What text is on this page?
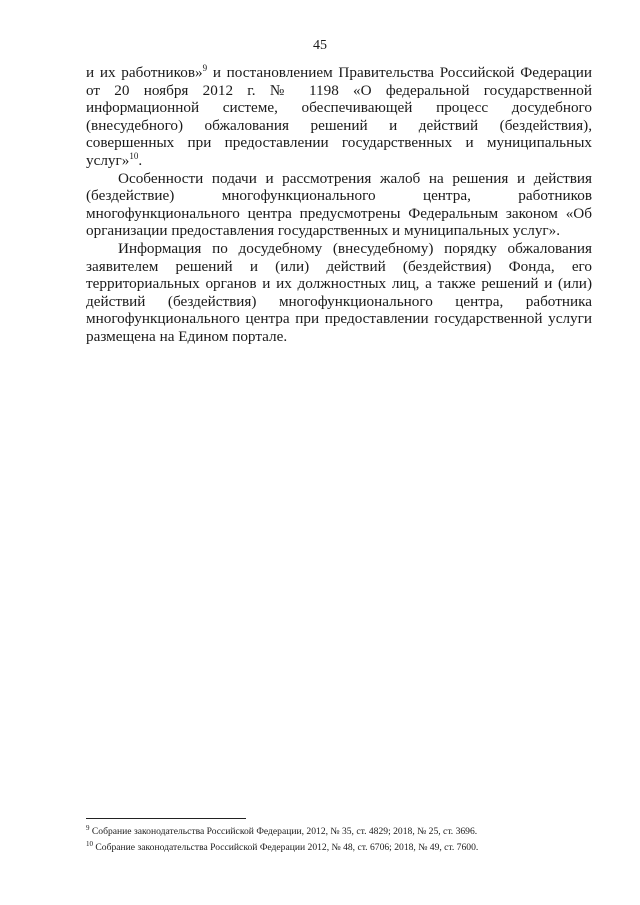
45

и их работников»$^9$ и постановлением Правительства Российской Федерации от 20 ноября 2012 г. № 1198 «О федеральной государственной информационной системе, обеспечивающей процесс досудебного (внесудебного) обжалования решений и действий (бездействия), совершенных при предоставлении государственных и муниципальных услуг»$^{10}$.

Особенности подачи и рассмотрения жалоб на решения и действия (бездействие) многофункционального центра, работников многофункционального центра предусмотрены Федеральным законом «Об организации предоставления государственных и муниципальных услуг».

Информация по досудебному (внесудебному) порядку обжалования заявителем решений и (или) действий (бездействия) Фонда, его территориальных органов и их должностных лиц, а также решений и (или) действий (бездействия) многофункционального центра, работника многофункционального центра при предоставлении государственной услуги размещена на Едином портале.

$^9$ Собрание законодательства Российской Федерации, 2012, № 35, ст. 4829; 2018, № 25, ст. 3696.
$^{10}$ Собрание законодательства Российской Федерации 2012, № 48, ст. 6706; 2018, № 49, ст. 7600.
